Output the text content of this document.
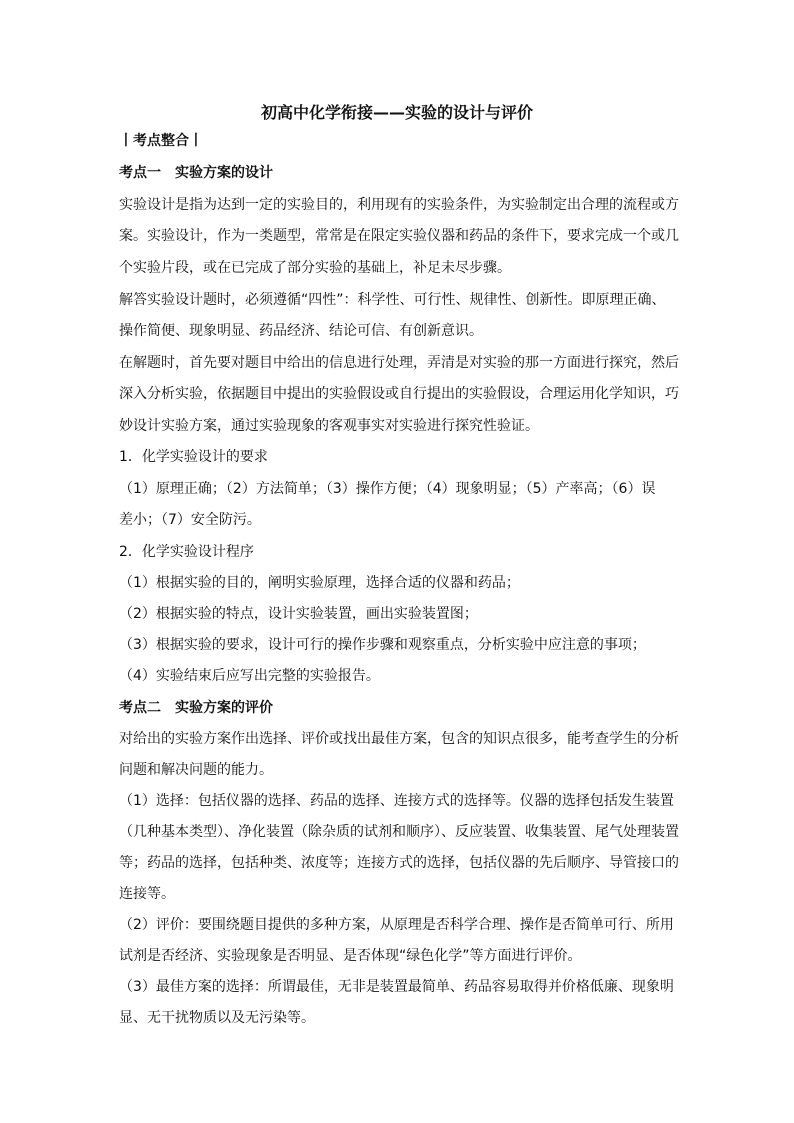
初高中化学衔接——实验的设计与评价
丨考点整合丨
考点一　实验方案的设计
实验设计是指为达到一定的实验目的，利用现有的实验条件，为实验制定出合理的流程或方
案。实验设计，作为一类题型，常常是在限定实验仪器和药品的条件下，要求完成一个或几
个实验片段，或在已完成了部分实验的基础上，补足未尽步骤。
解答实验设计题时，必须遵循“四性”：科学性、可行性、规律性、创新性。即原理正确、
操作简便、现象明显、药品经济、结论可信、有创新意识。
在解题时，首先要对题目中给出的信息进行处理，弄清是对实验的那一方面进行探究，然后
深入分析实验，依据题目中提出的实验假设或自行提出的实验假设，合理运用化学知识，巧
妙设计实验方案，通过实验现象的客观事实对实验进行探究性验证。
1．化学实验设计的要求
（1）原理正确；（2）方法简单；（3）操作方便；（4）现象明显；（5）产率高；（6）误
差小；（7）安全防污。
2．化学实验设计程序
（1）根据实验的目的，阐明实验原理，选择合适的仪器和药品；
（2）根据实验的特点，设计实验装置，画出实验装置图；
（3）根据实验的要求，设计可行的操作步骤和观察重点，分析实验中应注意的事项；
（4）实验结束后应写出完整的实验报告。
考点二　实验方案的评价
对给出的实验方案作出选择、评价或找出最佳方案，包含的知识点很多，能考查学生的分析
问题和解决问题的能力。
（1）选择：包括仪器的选择、药品的选择、连接方式的选择等。仪器的选择包括发生装置
（几种基本类型）、净化装置（除杂质的试剂和顺序）、反应装置、收集装置、尾气处理装置
等；药品的选择，包括种类、浓度等；连接方式的选择，包括仪器的先后顺序、导管接口的
连接等。
（2）评价：要围绕题目提供的多种方案，从原理是否科学合理、操作是否简单可行、所用
试剂是否经济、实验现象是否明显、是否体现“绿色化学”等方面进行评价。
（3）最佳方案的选择：所谓最佳，无非是装置最简单、药品容易取得并价格低廉、现象明
显、无干扰物质以及无污染等。
